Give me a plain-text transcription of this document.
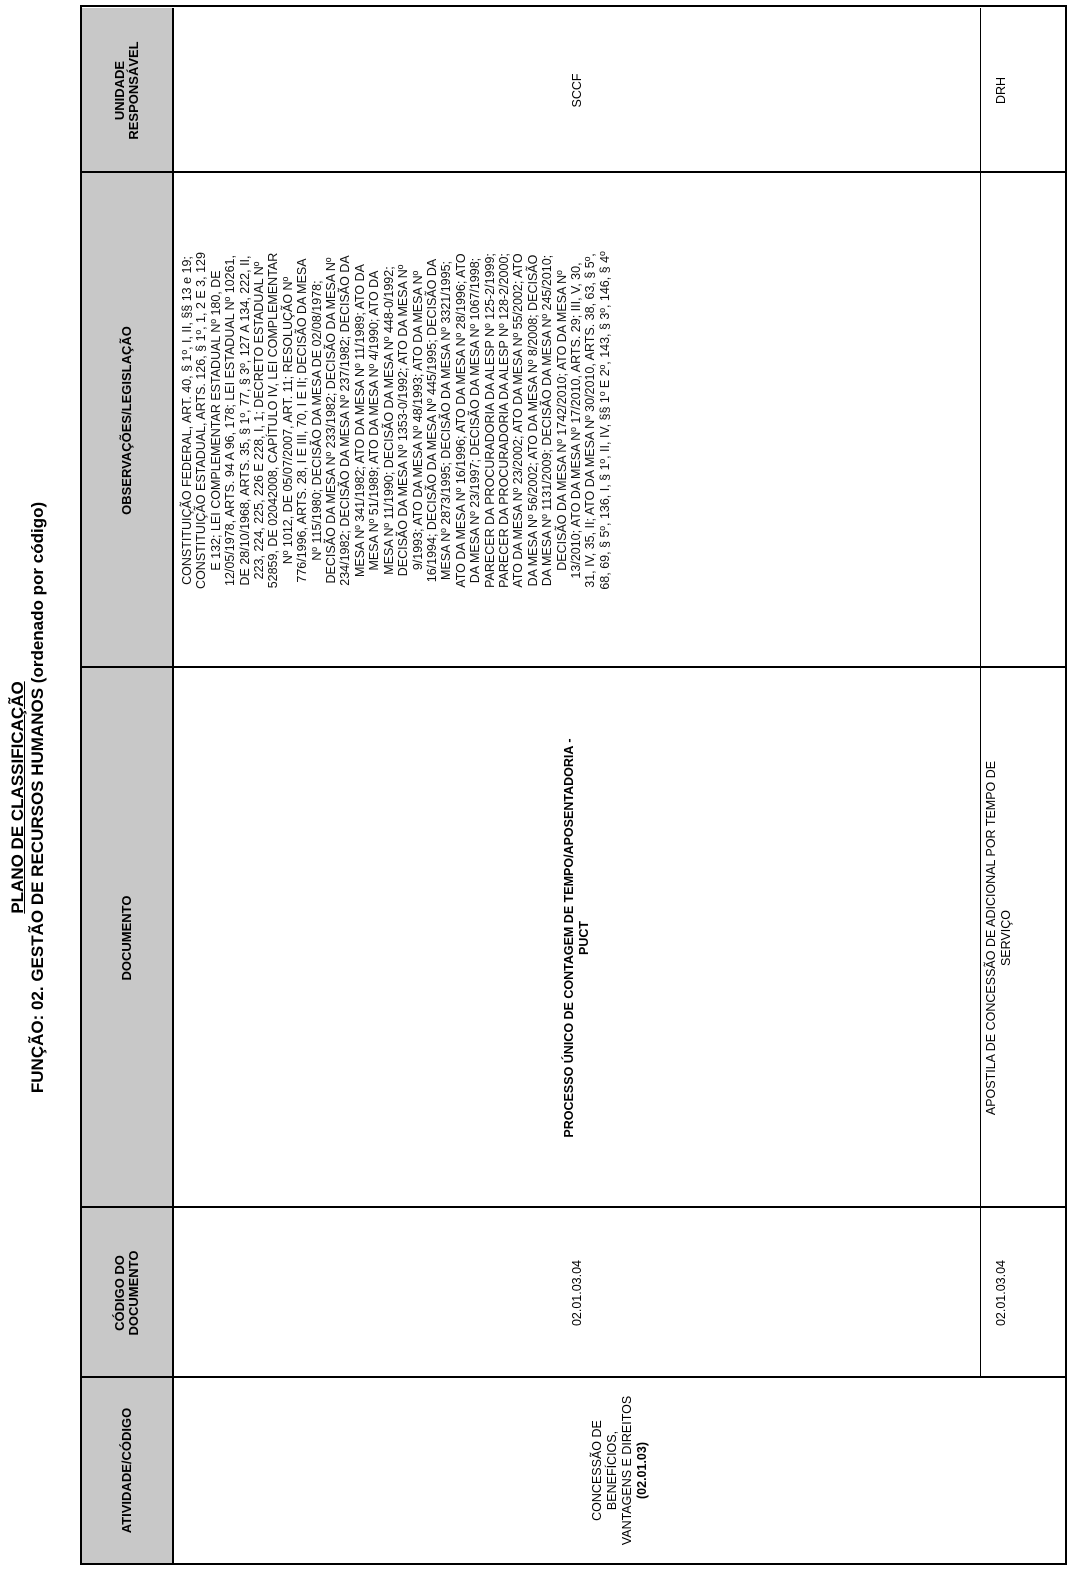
PLANO DE CLASSIFICAÇÃO FUNÇÃO: 02. GESTÃO DE RECURSOS HUMANOS (ordenado por código)
ATIVIDADE/CÓDIGO
CÓDIGO DO DOCUMENTO
DOCUMENTO
OBSERVAÇÕES/LEGISLAÇÃO
UNIDADE RESPONSÁVEL
CONCESSÃO DE BENEFÍCIOS, VANTAGENS E DIREITOS (02.01.03)
02.01.03.04
PROCESSO ÚNICO DE CONTAGEM DE TEMPO/APOSENTADORIA - PUCT
CONSTITUIÇÃO FEDERAL, ART. 40, § 1º, I, II, §§ 13 e 19; CONSTITUIÇÃO ESTADUAL, ARTS. 126, § 1º, 1, 2 E 3, 129 E 132; LEI COMPLEMENTAR ESTADUAL Nº 180, DE 12/05/1978, ARTS. 94 A 96, 178; LEI ESTADUAL Nº 10261, DE 28/10/1968, ARTS. 35, § 1º, 77, § 3º, 127 A 134, 222, II, 223, 224, 225, 226 E 228, I, 1; DECRETO ESTADUAL Nº 52859, DE 02042008, CAPÍTULO IV, LEI COMPLEMENTAR Nº 1012, DE 05/07/2007, ART. 11; RESOLUÇÃO Nº 776/1996, ARTS. 28, I E III, 70, I E II; DECISÃO DA MESA Nº 115/1980; DECISÃO DA MESA DE 02/08/1978; DECISÃO DA MESA Nº 233/1982; DECISÃO DA MESA Nº 234/1982; DECISÃO DA MESA Nº 237/1982; DECISÃO DA MESA Nº 341/1982; ATO DA MESA Nº 11/1989; ATO DA MESA Nº 51/1989; ATO DA MESA Nº 4/1990; ATO DA MESA Nº 11/1990; DECISÃO DA MESA Nº 448-0/1992; DECISÃO DA MESA Nº 1353-0/1992; ATO DA MESA Nº 9/1993; ATO DA MESA Nº 48/1993; ATO DA MESA Nº 16/1994; DECISÃO DA MESA Nº 445/1995; DECISÃO DA MESA Nº 2873/1995; DECISÃO DA MESA Nº 3321/1995; ATO DA MESA Nº 16/1996; ATO DA MESA Nº 28/1996; ATO DA MESA Nº 23/1997; DECISÃO DA MESA Nº 1067/1998; PARECER DA PROCURADORIA DA ALESP Nº 125-2/1999; PARECER DA PROCURADORIA DA ALESP Nº 128-2/2000; ATO DA MESA Nº 23/2002; ATO DA MESA Nº 55/2002; ATO DA MESA Nº 56/2002; ATO DA MESA Nº 8/2008; DECISÃO DA MESA Nº 1131/2009; DECISÃO DA MESA Nº 245/2010; DECISÃO DA MESA Nº 1742/2010; ATO DA MESA Nº 13/2010; ATO DA MESA Nº 17/2010, ARTS. 29; III, V, 30, 31, IV, 35, II; ATO DA MESA Nº 30/2010, ARTS. 38, 63, § 5º, 68, 69, § 5º, 136, I, § 1º, II, IV, §§ 1º E 2º, 143, § 3º, 146, § 4º
SCCF
02.01.03.04
APOSTILA DE CONCESSÃO DE ADICIONAL POR TEMPO DE SERVIÇO
DRH
